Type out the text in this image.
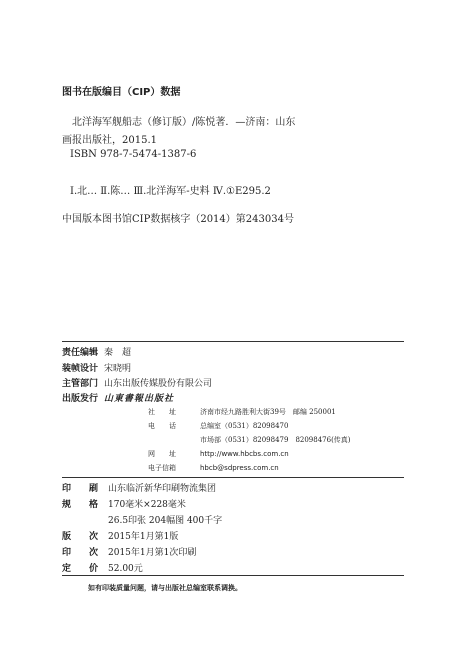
图书在版编目（CIP）数据
北洋海军舰船志（修订版）/陈悦著．—济南：山东
画报出版社，2015.1
ISBN 978-7-5474-1387-6
Ⅰ.北… Ⅱ.陈… Ⅲ.北洋海军-史料 Ⅳ.①E295.2
中国版本图书馆CIP数据核字（2014）第243034号
责任编辑 秦　超
装帧设计 宋晓明
主管部门 山东出版传媒股份有限公司
出版发行 山東書報出版社
社　　址	济南市经九路胜利大街39号　邮编 250001
电　　话	总编室（0531）82098470
市场部（0531）82098479　82098476(传真)
网　　址	http://www.hbcbs.com.cn
电子信箱	hbcb@sdpress.com.cn
印　　刷 山东临沂新华印刷物流集团
规　　格 170毫米×228毫米
26.5印张 204幅图 400千字
版　　次 2015年1月第1版
印　　次 2015年1月第1次印刷
定　　价 52.00元
如有印装质量问题，请与出版社总编室联系调换。
